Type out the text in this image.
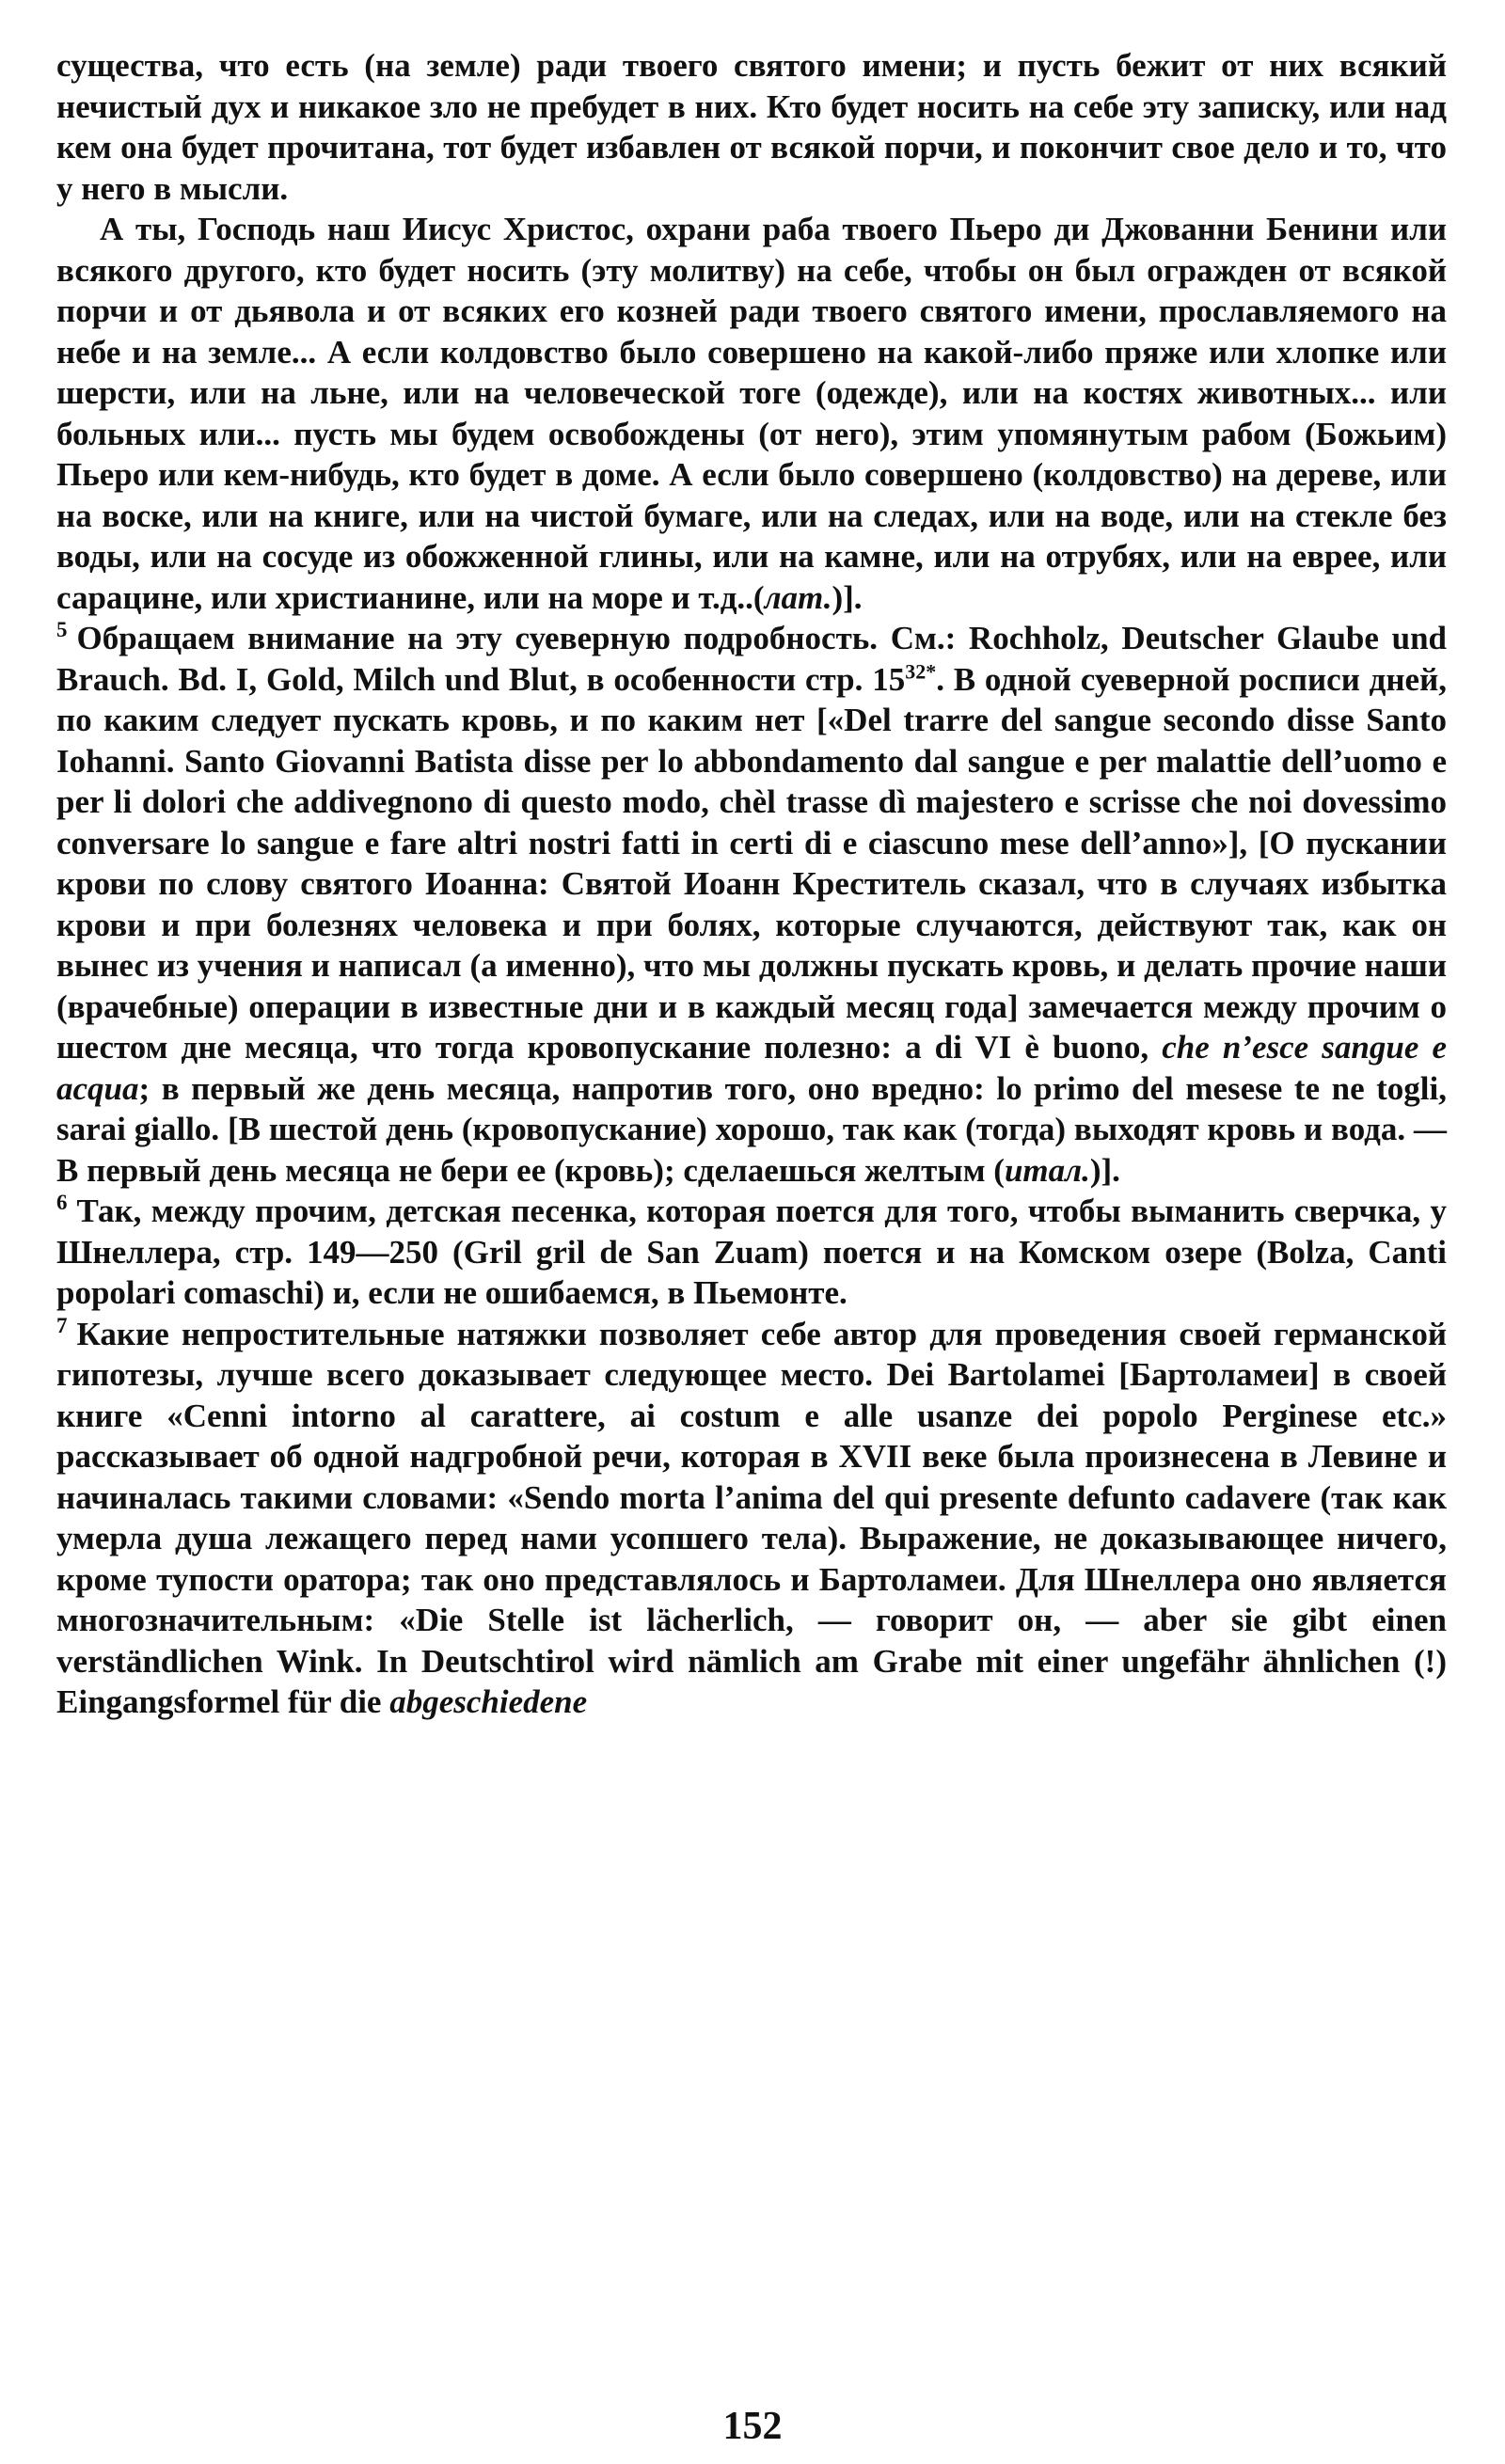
существа, что есть (на земле) ради твоего святого имени; и пусть бежит от них всякий нечистый дух и никакое зло не пребудет в них. Кто будет носить на себе эту записку, или над кем она будет прочитана, тот будет избавлен от всякой порчи, и покончит свое дело и то, что у него в мысли.

А ты, Господь наш Иисус Христос, охрани раба твоего Пьеро ди Джованни Бенини или всякого другого, кто будет носить (эту молитву) на себе, чтобы он был огражден от всякой порчи и от дьявола и от всяких его козней ради твоего святого имени, прославляемого на небе и на земле... А если колдовство было совершено на какой-либо пряже или хлопке или шерсти, или на льне, или на человеческой тоге (одежде), или на костях животных... или больных или... пусть мы будем освобождены (от него), этим упомянутым рабом (Божьим) Пьеро или кем-нибудь, кто будет в доме. А если было совершено (колдовство) на дереве, или на воске, или на книге, или на чистой бумаге, или на следах, или на воде, или на стекле без воды, или на сосуде из обожженной глины, или на камне, или на отрубях, или на еврее, или сарацине, или христианине, или на море и т.д..(лат.)].

$^5$ Обращаем внимание на эту суеверную подробность. См.: Rochholz, Deutscher Glaube und Brauch. Bd. I, Gold, Milch und Blut, в особенности стр. $15^{32*}$. В одной суеверной росписи дней, по каким следует пускать кровь, и по каким нет [«Del trarre del sangue secondo disse Santo Iohanni. Santo Giovanni Batista disse per lo abbondamento dal sangue e per malattie dell’uomo e per li dolori che addivegnono di questo modo, chèl trasse dì majestero e scrisse che noi dovessimo conversare lo sangue e fare altri nostri fatti in certi di e ciascuno mese dell’anno»], [О пускании крови по слову святого Иоанна: Святой Иоанн Креститель сказал, что в случаях избытка крови и при болезнях человека и при болях, которые случаются, действуют так, как он вынес из учения и написал (а именно), что мы должны пускать кровь, и делать прочие наши (врачебные) операции в известные дни и в каждый месяц года] замечается между прочим о шестом дне месяца, что тогда кровопускание полезно: a di VI è buono, che n’esce sangue e acqua; в первый же день месяца, напротив того, оно вредно: lo primo del mesese te ne togli, sarai giallo. [В шестой день (кровопускание) хорошо, так как (тогда) выходят кровь и вода. — В первый день месяца не бери ее (кровь); сделаешься желтым (итал.)].

$^6$ Так, между прочим, детская песенка, которая поется для того, чтобы выманить сверчка, у Шнеллера, стр. 149—250 (Gril gril de San Zuam) поется и на Комском озере (Bolza, Canti popolari comaschi) и, если не ошибаемся, в Пьемонте.

$^7$ Какие непростительные натяжки позволяет себе автор для проведения своей германской гипотезы, лучше всего доказывает следующее место. Dei Bartolamei [Бартоламеи] в своей книге «Cenni intorno al carattere, ai costum e alle usanze dei popolo Perginese etc.» рассказывает об одной надгробной речи, которая в XVII веке была произнесена в Левине и начиналась такими словами: «Sendo morta l’anima del qui presente defunto cadavere (так как умерла душа лежащего перед нами усопшего тела). Выражение, не доказывающее ничего, кроме тупости оратора; так оно представлялось и Бартоламеи. Для Шнеллера оно является многозначительным: «Die Stelle ist lächerlich, — говорит он, — aber sie gibt einen verständlichen Wink. In Deutschtirol wird nämlich am Grabe mit einer ungefähr ähnlichen (!) Eingangsformel für die abgeschiedene

152
